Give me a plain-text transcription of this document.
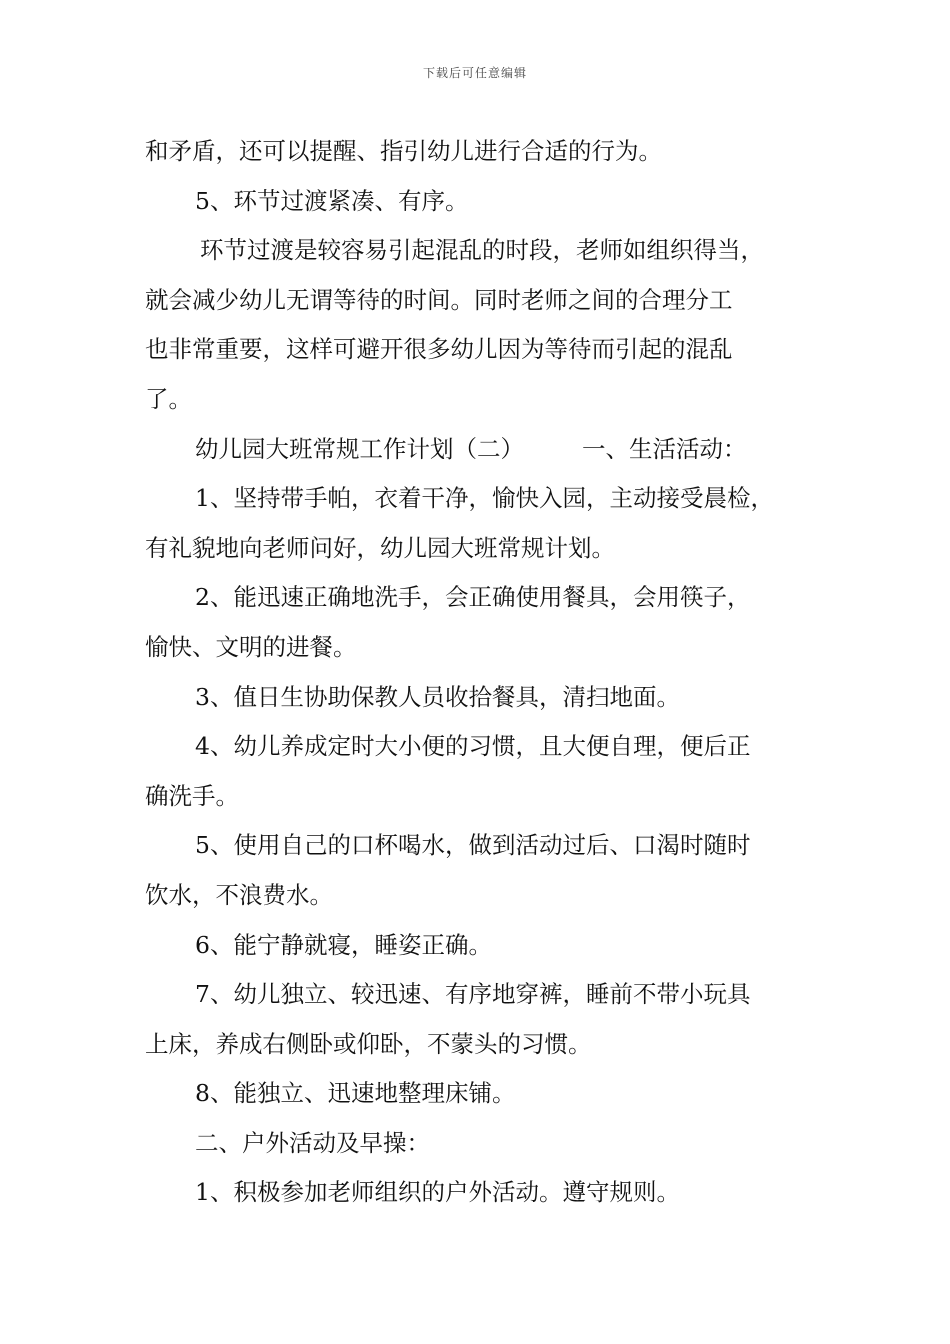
下载后可任意编辑
和矛盾，还可以提醒、指引幼儿进行合适的行为。
5、环节过渡紧凑、有序。
环节过渡是较容易引起混乱的时段，老师如组织得当，
就会减少幼儿无谓等待的时间。同时老师之间的合理分工
也非常重要，这样可避开很多幼儿因为等待而引起的混乱
了。
幼儿园大班常规工作计划（二） 一、生活活动：
1、坚持带手帕，衣着干净，愉快入园，主动接受晨检，
有礼貌地向老师问好，幼儿园大班常规计划。
2、能迅速正确地洗手，会正确使用餐具，会用筷子，
愉快、文明的进餐。
3、值日生协助保教人员收拾餐具，清扫地面。
4、幼儿养成定时大小便的习惯，且大便自理，便后正
确洗手。
5、使用自己的口杯喝水，做到活动过后、口渴时随时
饮水，不浪费水。
6、能宁静就寝，睡姿正确。
7、幼儿独立、较迅速、有序地穿裤，睡前不带小玩具
上床，养成右侧卧或仰卧，不蒙头的习惯。
8、能独立、迅速地整理床铺。
二、户外活动及早操：
1、积极参加老师组织的户外活动。遵守规则。
